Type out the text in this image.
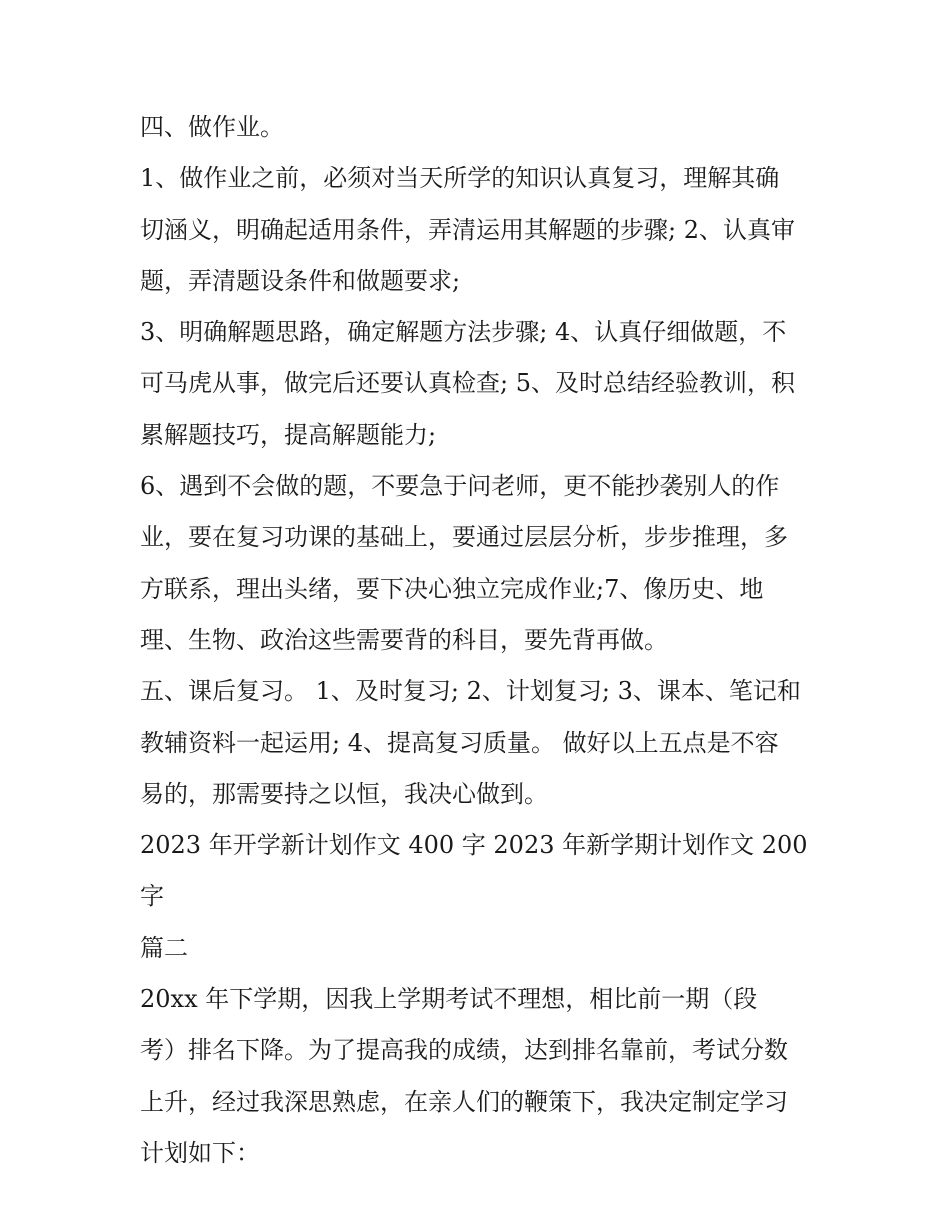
四、做作业。
1、做作业之前，必须对当天所学的知识认真复习，理解其确
切涵义，明确起适用条件，弄清运用其解题的步骤; 2、认真审
题，弄清题设条件和做题要求;
3、明确解题思路，确定解题方法步骤; 4、认真仔细做题，不
可马虎从事，做完后还要认真检查; 5、及时总结经验教训，积
累解题技巧，提高解题能力;
6、遇到不会做的题，不要急于问老师，更不能抄袭别人的作
业，要在复习功课的基础上，要通过层层分析，步步推理，多
方联系，理出头绪，要下决心独立完成作业;7、像历史、地
理、生物、政治这些需要背的科目，要先背再做。
五、课后复习。 1、及时复习; 2、计划复习; 3、课本、笔记和
教辅资料一起运用; 4、提高复习质量。 做好以上五点是不容
易的，那需要持之以恒，我决心做到。
2023 年开学新计划作文 400 字 2023 年新学期计划作文 200 字
篇二
20xx 年下学期，因我上学期考试不理想，相比前一期（段
考）排名下降。为了提高我的成绩，达到排名靠前，考试分数
上升，经过我深思熟虑，在亲人们的鞭策下，我决定制定学习
计划如下：
